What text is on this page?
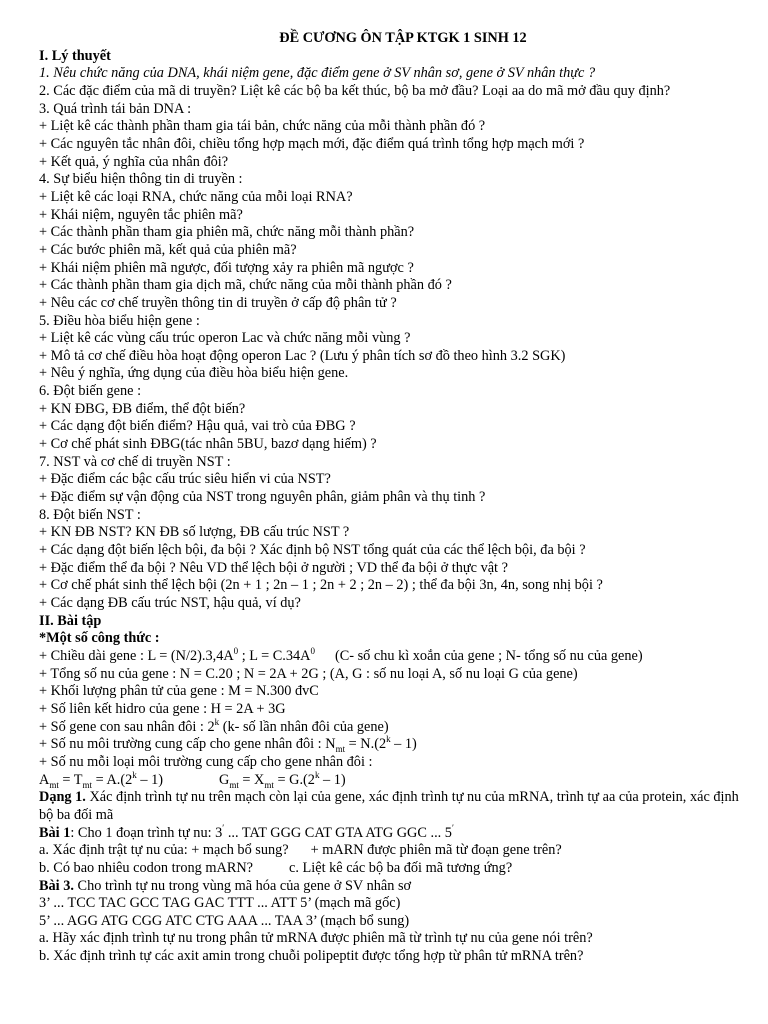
ĐỀ CƯƠNG ÔN TẬP KTGK 1 SINH 12
I. Lý thuyết
1. Nêu chức năng của DNA, khái niệm gene, đặc điểm gene ở SV nhân sơ, gene ở SV nhân thực ?
2. Các đặc điểm của mã di truyền? Liệt kê các bộ ba kết thúc, bộ ba mở đầu? Loại aa do mã mở đầu quy định?
3. Quá trình tái bản DNA :
+ Liệt kê các thành phần tham gia tái bản, chức năng của mỗi thành phần đó ?
+ Các nguyên tắc nhân đôi, chiều tổng hợp mạch mới, đặc điểm quá trình tổng hợp mạch mới ?
+ Kết quả, ý nghĩa của nhân đôi?
4. Sự biểu hiện thông tin di truyền :
+ Liệt kê các loại RNA, chức năng của mỗi loại RNA?
+ Khái niệm, nguyên tắc phiên mã?
+ Các thành phần tham gia phiên mã, chức năng mỗi thành phần?
+ Các bước phiên mã, kết quả của phiên mã?
+ Khái niệm phiên mã ngược, đối tượng xảy ra phiên mã ngược ?
+ Các thành phần tham gia dịch mã, chức năng của mỗi thành phần đó ?
+ Nêu các cơ chế truyền thông tin di truyền ở cấp độ phân tử ?
5. Điều hòa biểu hiện gene :
+ Liệt kê các vùng cấu trúc operon Lac và chức năng mỗi vùng ?
+ Mô tả cơ chế điều hòa hoạt động operon Lac ? (Lưu ý phân tích sơ đồ theo hình 3.2 SGK)
+ Nêu ý nghĩa, ứng dụng của điều hòa biểu hiện gene.
6. Đột biến gene :
+ KN ĐBG, ĐB điểm, thể đột biến?
+ Các dạng đột biến điểm? Hậu quả, vai trò của ĐBG ?
+ Cơ chế phát sinh ĐBG(tác nhân 5BU, bazơ dạng hiếm) ?
7. NST và cơ chế di truyền NST :
+ Đặc điểm các bậc cấu trúc siêu hiển vi của NST?
+ Đặc điểm sự vận động của NST trong nguyên phân, giảm phân và thụ tinh ?
8. Đột biến NST :
+ KN ĐB NST? KN ĐB số lượng, ĐB cấu trúc NST ?
+ Các dạng đột biến lệch bội, đa bội ? Xác định bộ NST tổng quát của các thể lệch bội, đa bội ?
+ Đặc điểm thể đa bội ? Nêu VD thể lệch bội ở người ; VD thể đa bội ở thực vật ?
+ Cơ chế phát sinh thể lệch bội (2n + 1 ; 2n – 1 ; 2n + 2 ; 2n – 2) ; thể đa bội 3n, 4n, song nhị bội ?
+ Các dạng ĐB cấu trúc NST, hậu quả, ví dụ?
II. Bài tập
*Một số công thức :
+ Chiều dài gene : $L = (N/2).3,4A^0$ ; $L = C.34A^0$ (C- số chu kì xoắn của gene ; N- tổng số nu của gene)
+ Tổng số nu của gene : N = C.20 ; N = 2A + 2G ; (A, G : số nu loại A, số nu loại G của gene)
+ Khối lượng phân tử của gene : M = N.300 đvC
+ Số liên kết hidro của gene : H = 2A + 3G
+ Số gene con sau nhân đôi : 2$^k$ (k- số lần nhân đôi của gene)
+ Số nu môi trường cung cấp cho gene nhân đôi : $N_{mt} = N.(2^k - 1)$
+ Số nu mỗi loại môi trường cung cấp cho gene nhân đôi :
$A_{mt} = T_{mt} = A.(2^k - 1)$	$G_{mt} = X_{mt} = G.(2^k - 1)$
Dạng 1. Xác định trình tự nu trên mạch còn lại của gene, xác định trình tự nu của mRNA, trình tự aa của protein, xác định bộ ba đối mã
Bài 1: Cho 1 đoạn trình tự nu: 3′ ... TAT GGG CAT GTA ATG GGC ... 5′
a. Xác định trật tự nu của: + mạch bổ sung? + mARN được phiên mã từ đoạn gene trên?
b. Có bao nhiêu codon trong mARN?	c. Liệt kê các bộ ba đối mã tương ứng?
Bài 3. Cho trình tự nu trong vùng mã hóa của gene ở SV nhân sơ
3’ ... TCC TAC GCC TAG GAC TTT ... ATT 5’ (mạch mã gốc)
5’ ... AGG ATG CGG ATC CTG AAA ... TAA 3’ (mạch bổ sung)
a. Hãy xác định trình tự nu trong phân tử mRNA được phiên mã từ trình tự nu của gene nói trên?
b. Xác định trình tự các axit amin trong chuỗi polipeptit được tổng hợp từ phân tử mRNA trên?
